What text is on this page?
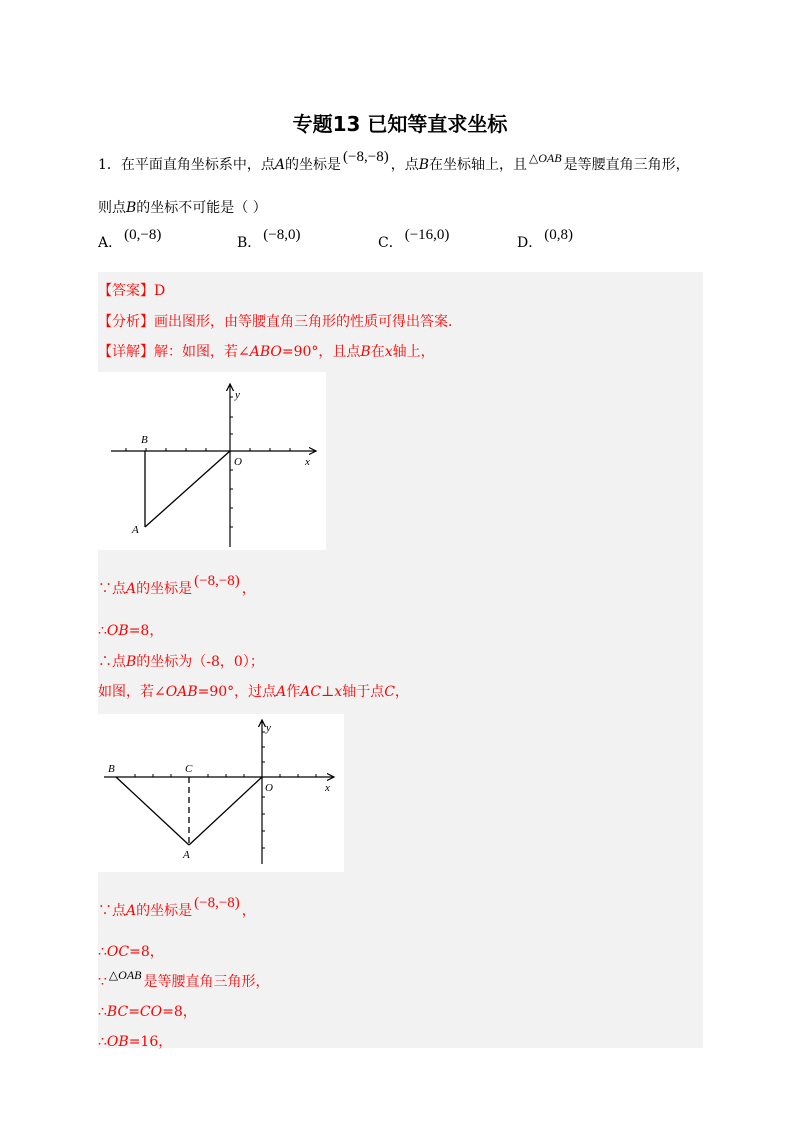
专题13 已知等直求坐标
1．在平面直角坐标系中，点A的坐标是 (−8,−8) ，点B在坐标轴上，且 △OAB 是等腰直角三角形，
则点B的坐标不可能是（ ）
A． (0,−8)	B． (−8,0)	C． (−16,0)	D． (0,8)
【答案】D
【分析】画出图形，由等腰直角三角形的性质可得出答案．
【详解】解：如图，若∠ABO=90°，且点B在x轴上，
y
x
O
B
A
∵点A的坐标是 (−8,−8) ，
∴OB=8，
∴点B的坐标为（-8，0）；
如图，若∠OAB=90°，过点A作AC⊥x轴于点C，
y
x
O
B	C
A
∵点A的坐标是 (−8,−8) ，
∴OC=8，
∵ △OAB 是等腰直角三角形，
∴BC=CO=8，
∴OB=16，
